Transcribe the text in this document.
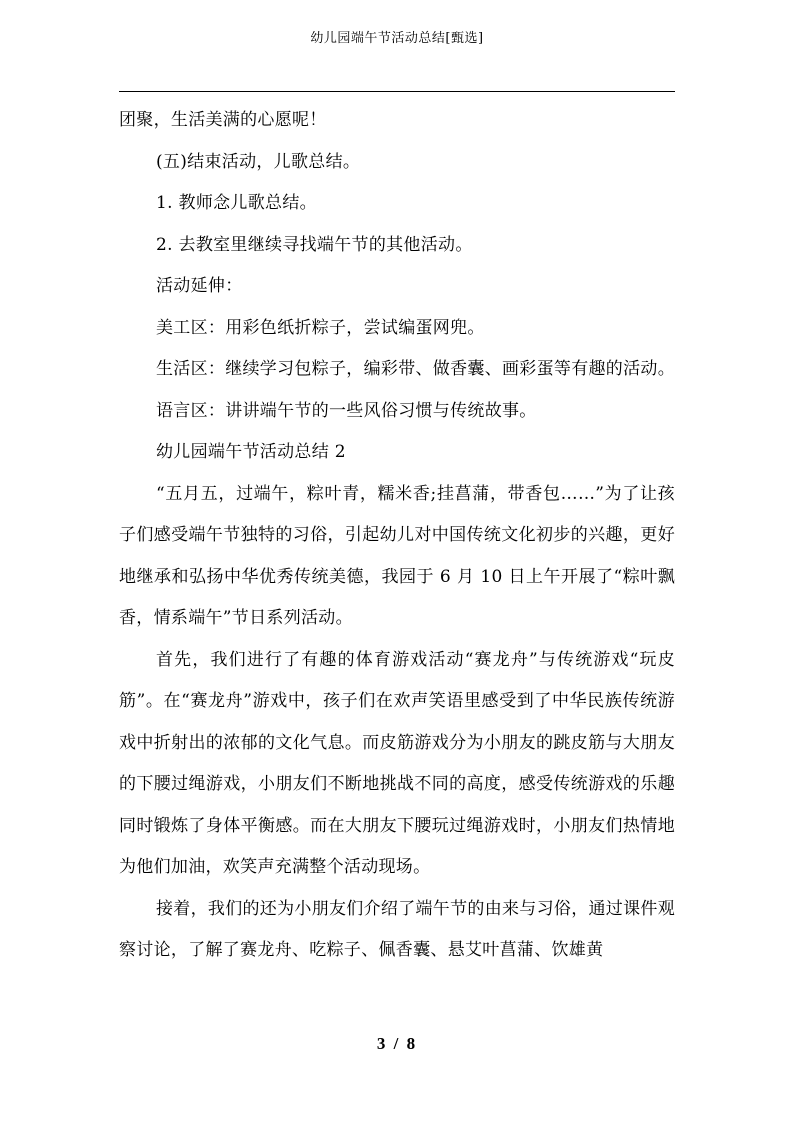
幼儿园端午节活动总结[甄选]

团聚，生活美满的心愿呢！

(五)结束活动，儿歌总结。

1. 教师念儿歌总结。

2. 去教室里继续寻找端午节的其他活动。

活动延伸：

美工区：用彩色纸折粽子，尝试编蛋网兜。

生活区：继续学习包粽子，编彩带、做香囊、画彩蛋等有趣的活动。

语言区：讲讲端午节的一些风俗习惯与传统故事。

幼儿园端午节活动总结 2

“五月五，过端午，粽叶青，糯米香;挂菖蒲，带香包……”为了让孩子们感受端午节独特的习俗，引起幼儿对中国传统文化初步的兴趣，更好地继承和弘扬中华优秀传统美德，我园于 6 月 10 日上午开展了“粽叶飘香，情系端午”节日系列活动。

首先，我们进行了有趣的体育游戏活动“赛龙舟”与传统游戏“玩皮筋”。在“赛龙舟”游戏中，孩子们在欢声笑语里感受到了中华民族传统游戏中折射出的浓郁的文化气息。而皮筋游戏分为小朋友的跳皮筋与大朋友的下腰过绳游戏，小朋友们不断地挑战不同的高度，感受传统游戏的乐趣同时锻炼了身体平衡感。而在大朋友下腰玩过绳游戏时，小朋友们热情地为他们加油，欢笑声充满整个活动现场。

接着，我们的还为小朋友们介绍了端午节的由来与习俗，通过课件观察讨论，了解了赛龙舟、吃粽子、佩香囊、悬艾叶菖蒲、饮雄黄

3 / 8
